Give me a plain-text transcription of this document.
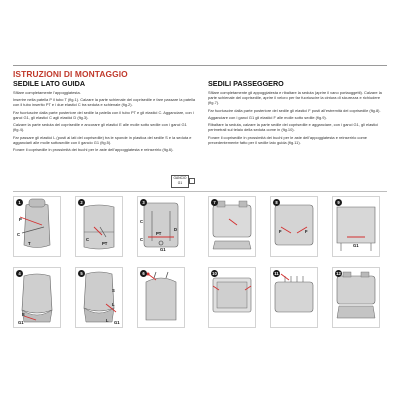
ISTRUZIONI DI MONTAGGIO
SEDILE LATO GUIDA	SEDILI PASSEGGERO

Sfilare completamente l'appoggiatesta.

Inserire nella patella P il tubo T (fig.1). Calzare la parte schienale del coprisedile e fare passare la patella con il tubo inserito PT e i due elastici C tra seduta e schienale (fig.2).

Far fuoriuscire dalla parte posteriore del sedile la patella con il tubo PT e gli elastici C. Agganciare, con i ganci G1, gli elastici C agli elastici D (fig.3).

Calzare la parte seduta del coprisedile e ancorare gli elastici E alle molle sotto sedile con i ganci G1 (fig.4).

Far passare gli elastici L (posti ai lati del coprisedile) tra le sponde in plastica del sedile S e la seduta e agganciarli alle molle sottosedile con il gancio G1 (fig.5).

Forare il coprisedile in prossimità dei buchi per le aste dell'appoggiatesta e reinserirlo (fig.6).

GANCIO
G1

Sfilare completamente gli appoggiatesta e ribaltare la seduta (aprire il vano portaoggetti). Calzare la parte schienale del coprisedile, aprire il velcro per far fuoriuscire la cintura di sicurezza e richiudere (fig.7).

Far fuoriuscire dalla parte posteriore del sedile gli elastici F posti all'estremità del coprisedile (fig.8).

Agganciare con i ganci G1 gli elastici F alle molle sotto sedile (fig.9).

Ribaltare la seduta, calzare la parte sedile del coprisedile e agganciare, con i ganci G1, gli elastici perimetrali sul telaio della seduta come in (fig.10).

Forare il coprisedile in prossimità dei buchi per le aste dell'appoggiatesta e reinserirlo come precedentemente fatto per il sedile lato guida (fig.11).

1
P
C
T
2
C
PT
3
C
D
C
PT
G1
7	8
F	F
9
G1
4
E
G1
5
S
L
L G1
6	10	11	12
